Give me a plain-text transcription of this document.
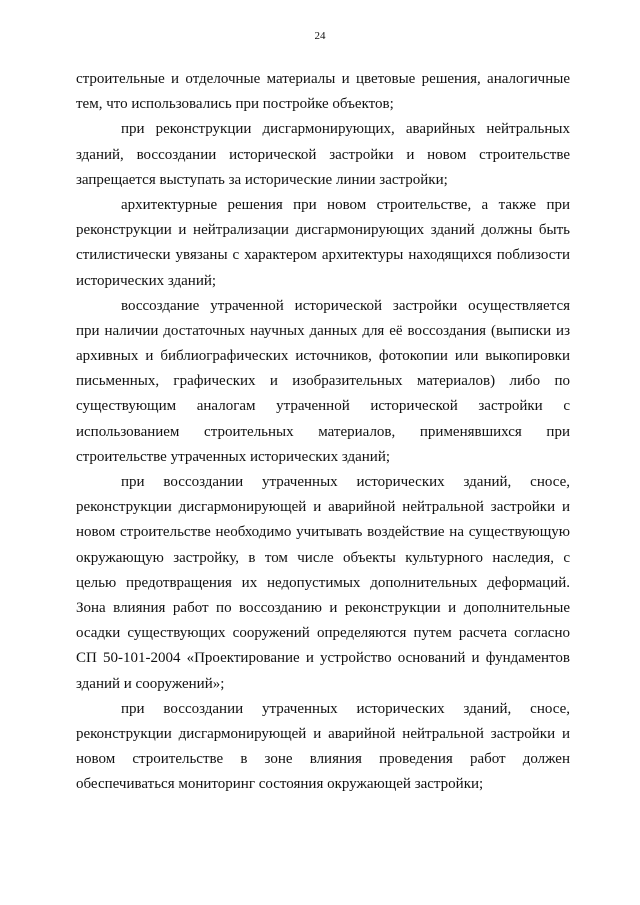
24
строительные и отделочные материалы и цветовые решения, аналогичные
тем, что использовались при постройке объектов;
при реконструкции дисгармонирующих, аварийных нейтральных
зданий, воссоздании исторической застройки и новом строительстве
запрещается выступать за исторические линии застройки;
архитектурные решения при новом строительстве, а также при
реконструкции и нейтрализации дисгармонирующих зданий должны быть
стилистически увязаны с характером архитектуры находящихся поблизости
исторических зданий;
воссоздание утраченной исторической застройки осуществляется
при наличии достаточных научных данных для её воссоздания (выписки из
архивных и библиографических источников, фотокопии или выкопировки
письменных, графических и изобразительных материалов) либо по
существующим аналогам утраченной исторической застройки с
использованием строительных материалов, применявшихся при
строительстве утраченных исторических зданий;
при воссоздании утраченных исторических зданий, сносе,
реконструкции дисгармонирующей и аварийной нейтральной застройки и
новом строительстве необходимо учитывать воздействие на существующую
окружающую застройку, в том числе объекты культурного наследия, с
целью предотвращения их недопустимых дополнительных деформаций.
Зона влияния работ по воссозданию и реконструкции и дополнительные
осадки существующих сооружений определяются путем расчета согласно
СП 50-101-2004 «Проектирование и устройство оснований и фундаментов
зданий и сооружений»;
при воссоздании утраченных исторических зданий, сносе,
реконструкции дисгармонирующей и аварийной нейтральной застройки и
новом строительстве в зоне влияния проведения работ должен
обеспечиваться мониторинг состояния окружающей застройки;
